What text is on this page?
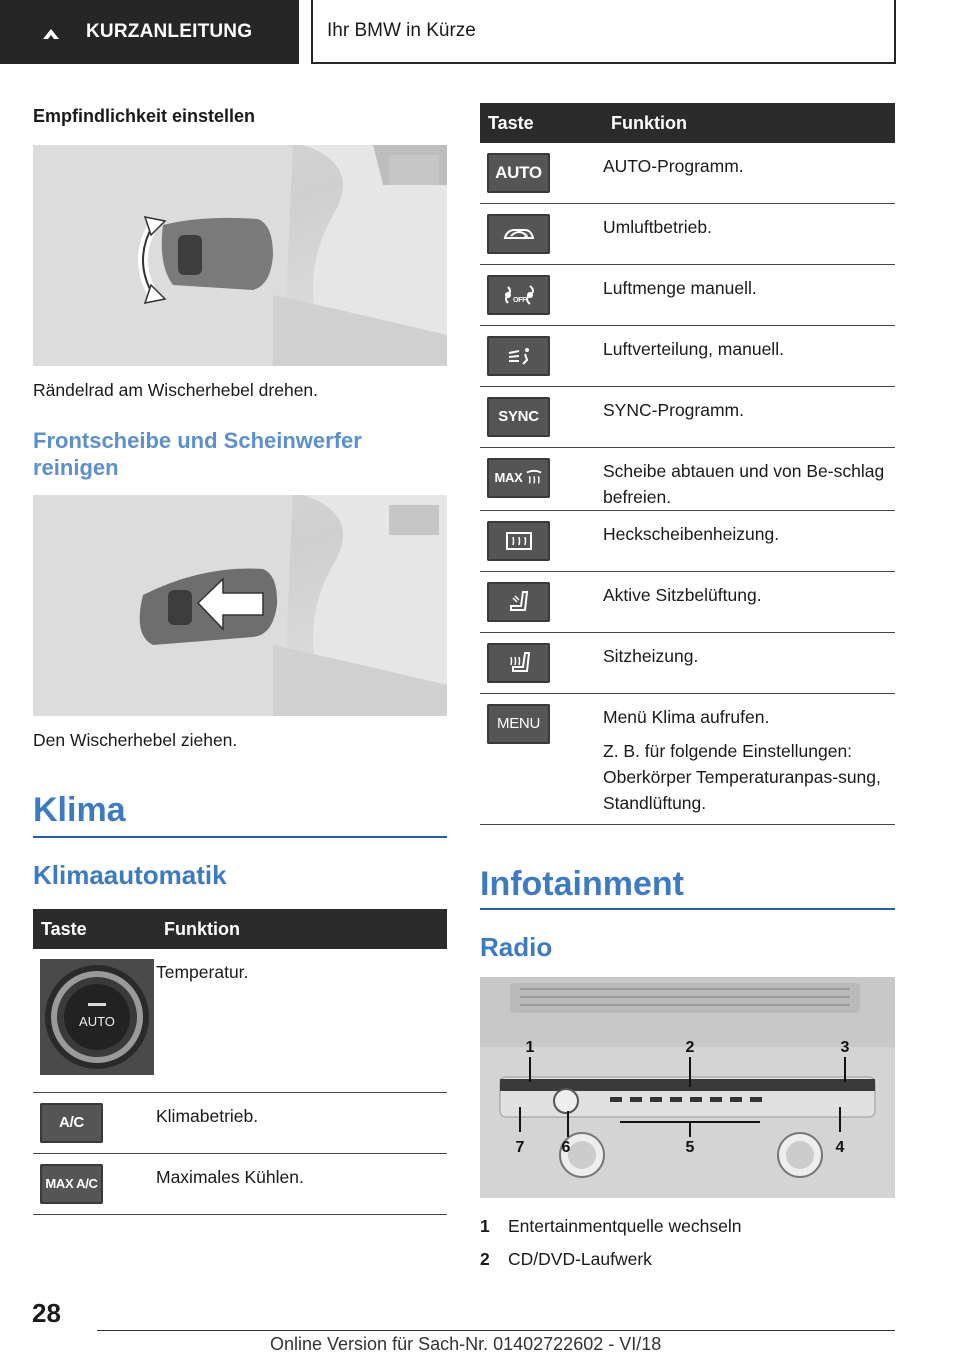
KURZANLEITUNG	Ihr BMW in Kürze
Empfindlichkeit einstellen
Rändelrad am Wischerhebel drehen.
Frontscheibe und Scheinwerfer reinigen
Den Wischerhebel ziehen.
Klima
Klimaautomatik
Taste	Funktion

AUTO	Temperatur.

A/C	Klimabetrieb.

MAX A/C	Maximales Kühlen.
Taste	Funktion

AUTO	AUTO-Programm.

	Umluftbetrieb.

OFF	Luftmenge manuell.

	Luftverteilung, manuell.

SYNC	SYNC-Programm.

MAX	Scheibe abtauen und von Be-schlag befreien.

	Heckscheibenheizung.

	Aktive Sitzbelüftung.

	Sitzheizung.

MENU	Menü Klima aufrufen.
Z. B. für folgende Einstellungen: Oberkörper Temperaturanpas-sung, Standlüftung.
Infotainment
Radio
1	2	3
4
5
6
7
1	Entertainmentquelle wechseln
2	CD/DVD-Laufwerk
28
Online Version für Sach-Nr. 01402722602 - VI/18
